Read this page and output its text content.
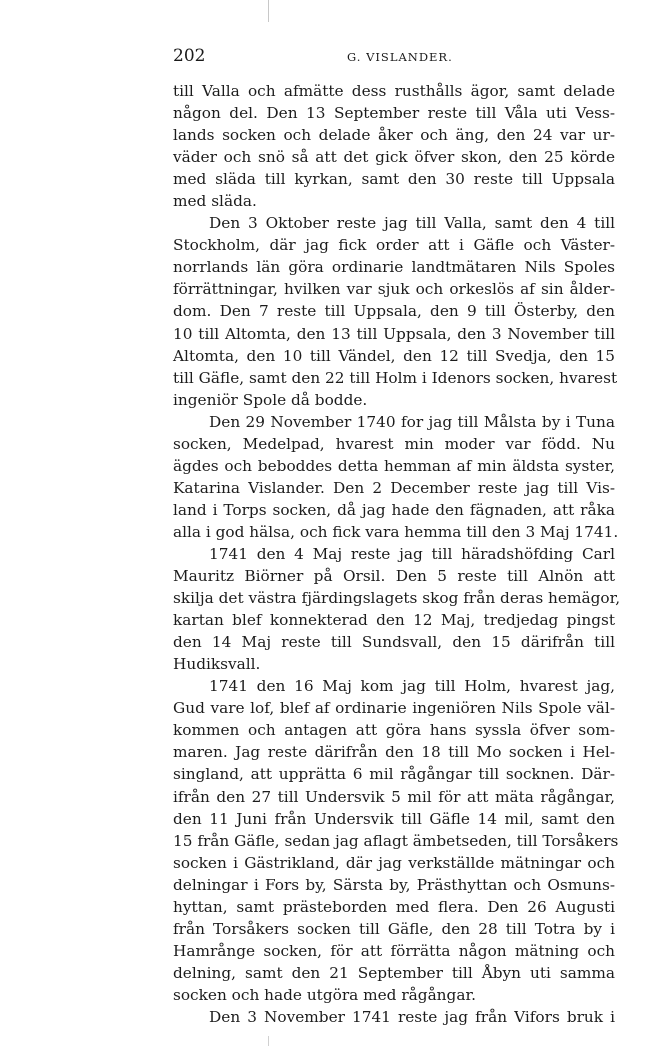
202	G. VISLANDER.
till Valla och afmätte dess rusthålls ägor, samt delade
någon del. Den 13 September reste till Våla uti Vess-
lands socken och delade åker och äng, den 24 var ur-
väder och snö så att det gick öfver skon, den 25 körde
med släda till kyrkan, samt den 30 reste till Uppsala
med släda.
Den 3 Oktober reste jag till Valla, samt den 4 till
Stockholm, där jag fick order att i Gäfle och Väster-
norrlands län göra ordinarie landtmätaren Nils Spoles
förrättningar, hvilken var sjuk och orkeslös af sin ålder-
dom. Den 7 reste till Uppsala, den 9 till Österby, den
10 till Altomta, den 13 till Uppsala, den 3 November till
Altomta, den 10 till Vändel, den 12 till Svedja, den 15
till Gäfle, samt den 22 till Holm i Idenors socken, hvarest
ingeniör Spole då bodde.
Den 29 November 1740 for jag till Målsta by i Tuna
socken, Medelpad, hvarest min moder var född. Nu
ägdes och beboddes detta hemman af min äldsta syster,
Katarina Vislander. Den 2 December reste jag till Vis-
land i Torps socken, då jag hade den fägnaden, att råka
alla i god hälsa, och fick vara hemma till den 3 Maj 1741.
1741 den 4 Maj reste jag till häradshöfding Carl
Mauritz Biörner på Orsil. Den 5 reste till Alnön att
skilja det västra fjärdingslagets skog från deras hemägor,
kartan blef konnekterad den 12 Maj, tredjedag pingst
den 14 Maj reste till Sundsvall, den 15 därifrån till
Hudiksvall.
1741 den 16 Maj kom jag till Holm, hvarest jag,
Gud vare lof, blef af ordinarie ingeniören Nils Spole väl-
kommen och antagen att göra hans syssla öfver som-
maren. Jag reste därifrån den 18 till Mo socken i Hel-
singland, att upprätta 6 mil rågångar till socknen. Där-
ifrån den 27 till Undersvik 5 mil för att mäta rågångar,
den 11 Juni från Undersvik till Gäfle 14 mil, samt den
15 från Gäfle, sedan jag aflagt ämbetseden, till Torsåkers
socken i Gästrikland, där jag verkställde mätningar och
delningar i Fors by, Särsta by, Prästhyttan och Osmuns-
hyttan, samt prästeborden med flera. Den 26 Augusti
från Torsåkers socken till Gäfle, den 28 till Totra by i
Hamrånge socken, för att förrätta någon mätning och
delning, samt den 21 September till Åbyn uti samma
socken och hade utgöra med rågångar.
Den 3 November 1741 reste jag från Vifors bruk i
